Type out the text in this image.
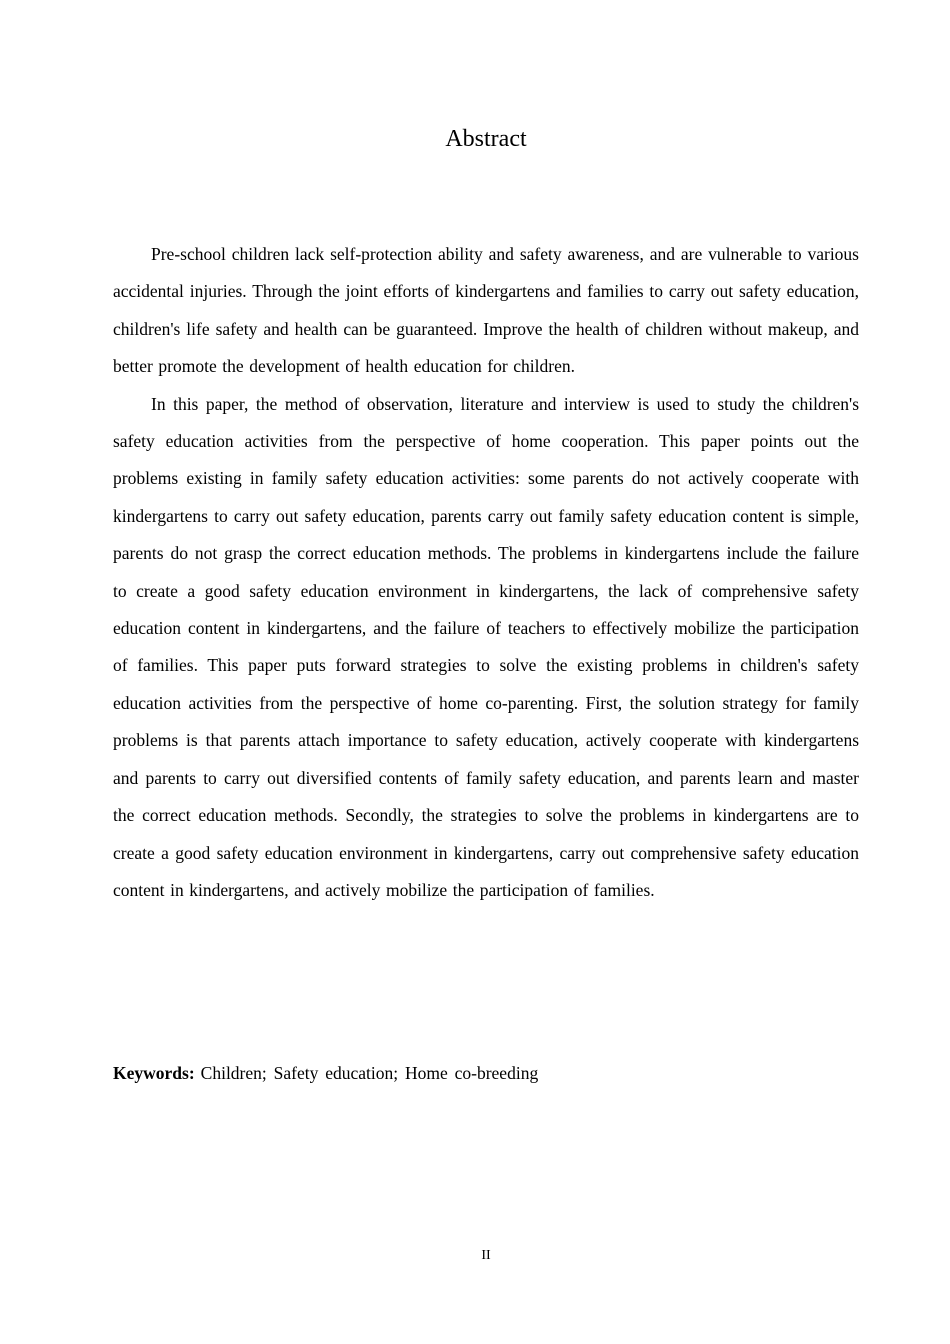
Abstract

Pre-school children lack self-protection ability and safety awareness, and are vulnerable to various accidental injuries. Through the joint efforts of kindergartens and families to carry out safety education, children's life safety and health can be guaranteed. Improve the health of children without makeup, and better promote the development of health education for children.

In this paper, the method of observation, literature and interview is used to study the children's safety education activities from the perspective of home cooperation. This paper points out the problems existing in family safety education activities: some parents do not actively cooperate with kindergartens to carry out safety education, parents carry out family safety education content is simple, parents do not grasp the correct education methods. The problems in kindergartens include the failure to create a good safety education environment in kindergartens, the lack of comprehensive safety education content in kindergartens, and the failure of teachers to effectively mobilize the participation of families. This paper puts forward strategies to solve the existing problems in children's safety education activities from the perspective of home co-parenting. First, the solution strategy for family problems is that parents attach importance to safety education, actively cooperate with kindergartens and parents to carry out diversified contents of family safety education, and parents learn and master the correct education methods. Secondly, the strategies to solve the problems in kindergartens are to create a good safety education environment in kindergartens, carry out comprehensive safety education content in kindergartens, and actively mobilize the participation of families.

Keywords: Children; Safety education; Home co-breeding

II
